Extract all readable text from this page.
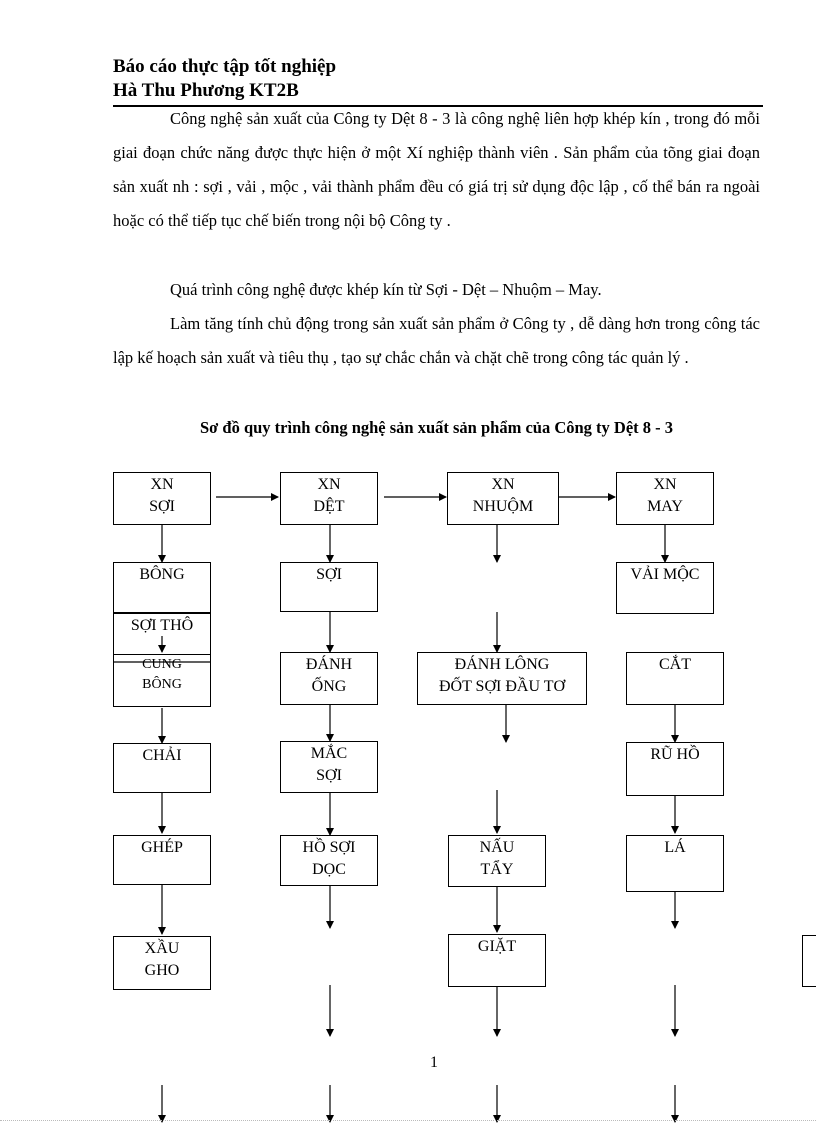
Báo cáo thực tập tốt nghiệp
Hà Thu Phương KT2B
Công nghệ sản xuất của Công ty Dệt 8 - 3 là công nghệ liên hợp khép kín , trong đó mỗi giai đoạn chức năng được thực hiện ở một Xí nghiệp thành viên . Sản phẩm của tõng giai đoạn sản xuất nh : sợi , vải , mộc , vải thành phẩm đều có giá trị sử dụng độc lập , cố thể bán ra ngoài hoặc có thể tiếp tục chế biến trong nội bộ Công ty .
Quá trình công nghệ được khép kín từ Sợi - Dệt – Nhuộm – May.
Làm tăng tính chủ động trong sản xuất sản phẩm ở Công ty , dễ dàng hơn trong công tác lập kế hoạch sản xuất và tiêu thụ , tạo sự chắc chắn và chặt chẽ trong công tác quản lý .
Sơ đồ quy trình công nghệ sản xuất sản phẩm của Công ty Dệt 8 - 3
XN
SỢI
BÔNG
SỢI THÔ
CUNG
BÔNG
CHẢI
GHÉP
XẦU
GHO
XN
DỆT
SỢI
ĐÁNH
ỐNG
MẮC
SỢI
HỒ SỢI
DỌC
XN
NHUỘM
ĐÁNH LÔNG
ĐỐT SỢI ĐẦU TƠ
NẤU
TẨY
GIẶT
XN
MAY
VẢI MỘC
CẮT
RŨ HỒ
LÁ
1
